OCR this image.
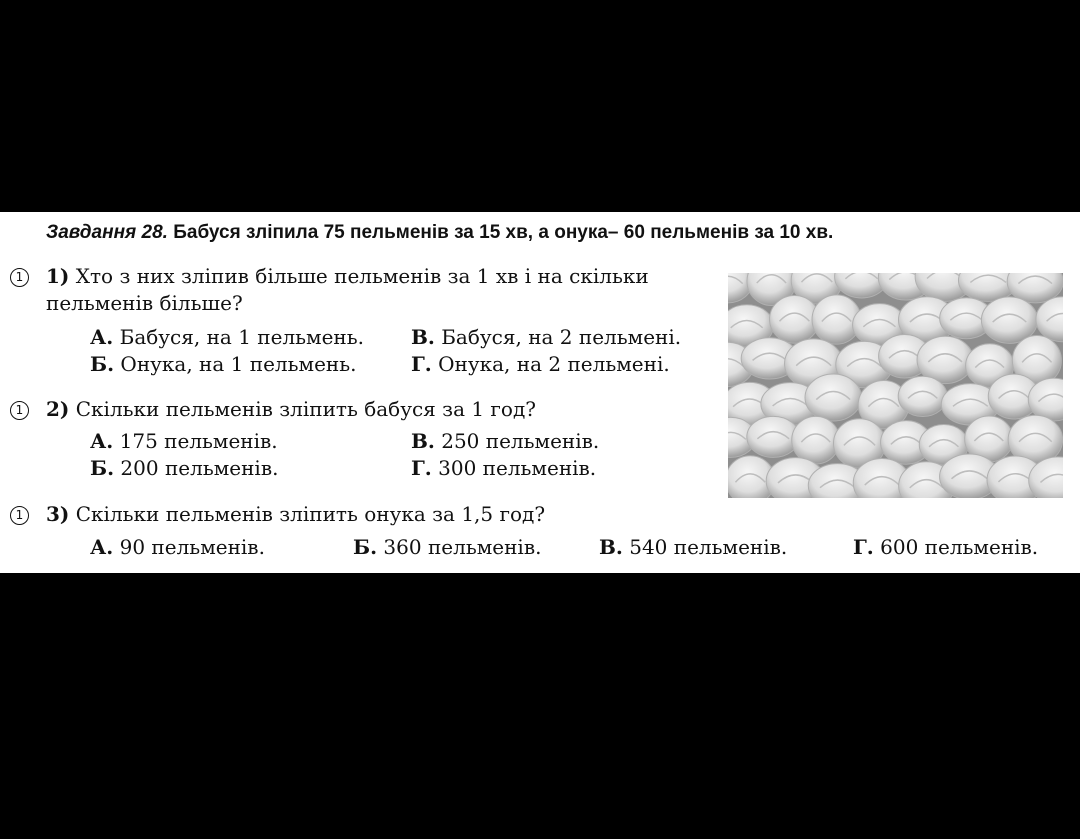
Завдання 28. Бабуся зліпила 75 пельменів за 15 хв, а онука– 60 пельменів за 10 хв.
1 1) Хто з них зліпив більше пельменів за 1 хв і на скільки пельменів більше?
А. Бабуся, на 1 пельмень. В. Бабуся, на 2 пельмені.
Б. Онука, на 1 пельмень.	Г. Онука, на 2 пельмені.
1 2) Скільки пельменів зліпить бабуся за 1 год?
А. 175 пельменів.	В. 250 пельменів.
Б. 200 пельменів.	Г. 300 пельменів.
1 3) Скільки пельменів зліпить онука за 1,5 год?
А. 90 пельменів.	Б. 360 пельменів.	В. 540 пельменів.	Г. 600 пельменів.
